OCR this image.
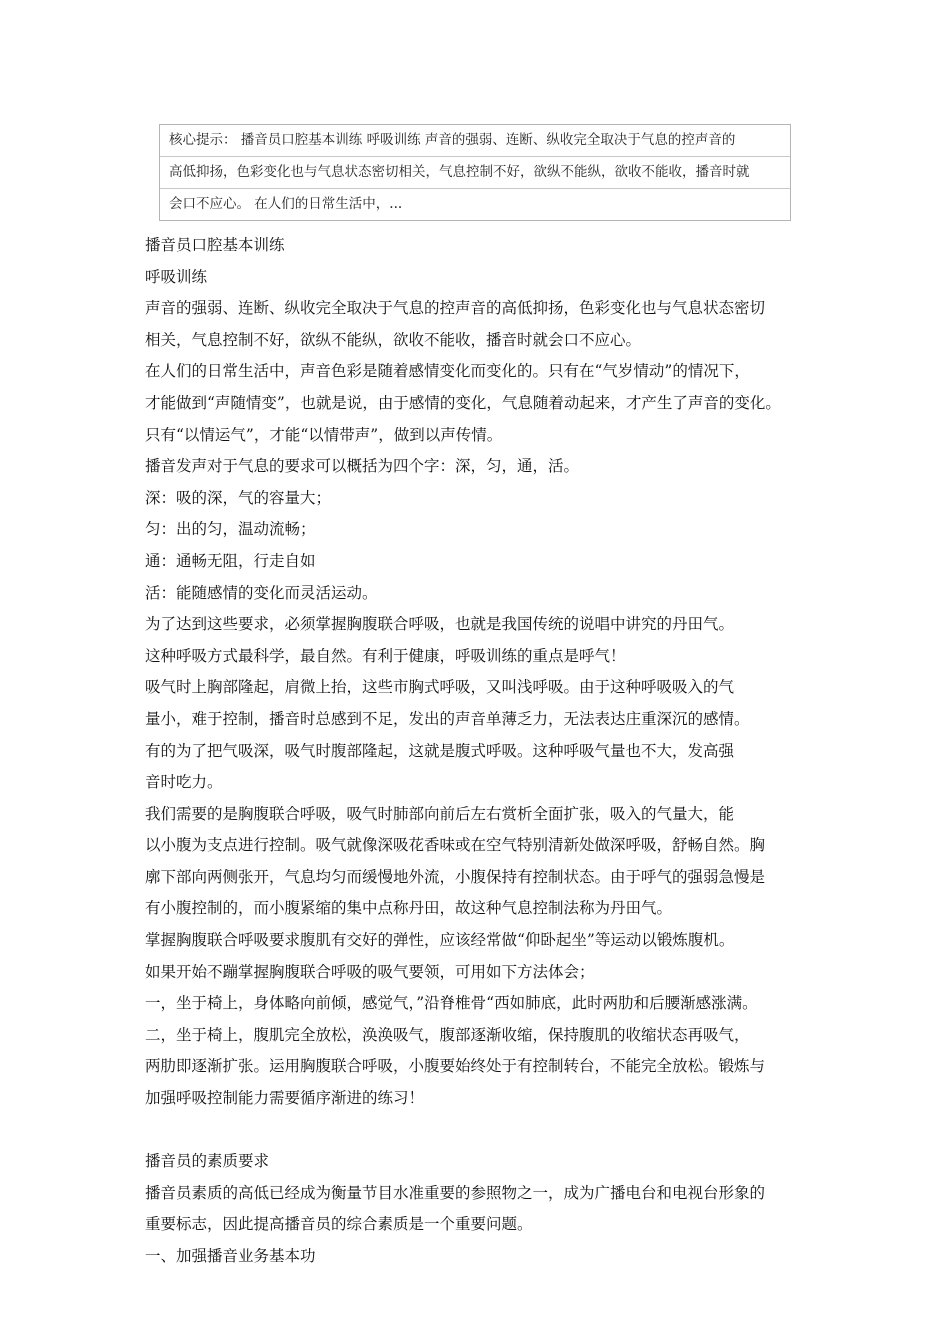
核心提示： 播音员口腔基本训练 呼吸训练 声音的强弱、连断、纵收完全取决于气息的控声音的
高低抑扬，色彩变化也与气息状态密切相关，气息控制不好，欲纵不能纵，欲收不能收，播音时就
会口不应心。 在人们的日常生活中，...
播音员口腔基本训练
呼吸训练
声音的强弱、连断、纵收完全取决于气息的控声音的高低抑扬，色彩变化也与气息状态密切
相关，气息控制不好，欲纵不能纵，欲收不能收，播音时就会口不应心。
在人们的日常生活中，声音色彩是随着感情变化而变化的。只有在“气岁情动”的情况下，
才能做到“声随情变”，也就是说，由于感情的变化，气息随着动起来，才产生了声音的变化。
只有“以情运气”，才能“以情带声”，做到以声传情。
播音发声对于气息的要求可以概括为四个字：深，匀，通，活。
深：吸的深，气的容量大；
匀：出的匀，温动流畅；
通：通畅无阻，行走自如
活：能随感情的变化而灵活运动。
为了达到这些要求，必须掌握胸腹联合呼吸，也就是我国传统的说唱中讲究的丹田气。
这种呼吸方式最科学，最自然。有利于健康，呼吸训练的重点是呼气！
吸气时上胸部隆起，肩微上抬，这些市胸式呼吸，又叫浅呼吸。由于这种呼吸吸入的气
量小，难于控制，播音时总感到不足，发出的声音单薄乏力，无法表达庄重深沉的感情。
有的为了把气吸深，吸气时腹部隆起，这就是腹式呼吸。这种呼吸气量也不大，发高强
音时吃力。
我们需要的是胸腹联合呼吸，吸气时肺部向前后左右赏析全面扩张，吸入的气量大，能
以小腹为支点进行控制。吸气就像深吸花香味或在空气特别清新处做深呼吸，舒畅自然。胸
廓下部向两侧张开，气息均匀而缓慢地外流，小腹保持有控制状态。由于呼气的强弱急慢是
有小腹控制的，而小腹紧缩的集中点称丹田，故这种气息控制法称为丹田气。
掌握胸腹联合呼吸要求腹肌有交好的弹性，应该经常做“仰卧起坐”等运动以锻炼腹机。
如果开始不蹦掌握胸腹联合呼吸的吸气要领，可用如下方法体会；
一，坐于椅上，身体略向前倾，感觉气，”沿脊椎骨“西如肺底，此时两肋和后腰渐感涨满。
二，坐于椅上，腹肌完全放松，涣涣吸气，腹部逐渐收缩，保持腹肌的收缩状态再吸气，
两肋即逐渐扩张。运用胸腹联合呼吸，小腹要始终处于有控制转台，不能完全放松。锻炼与
加强呼吸控制能力需要循序渐进的练习！
播音员的素质要求
播音员素质的高低已经成为衡量节目水准重要的参照物之一，成为广播电台和电视台形象的
重要标志，因此提高播音员的综合素质是一个重要问题。
一、加强播音业务基本功
